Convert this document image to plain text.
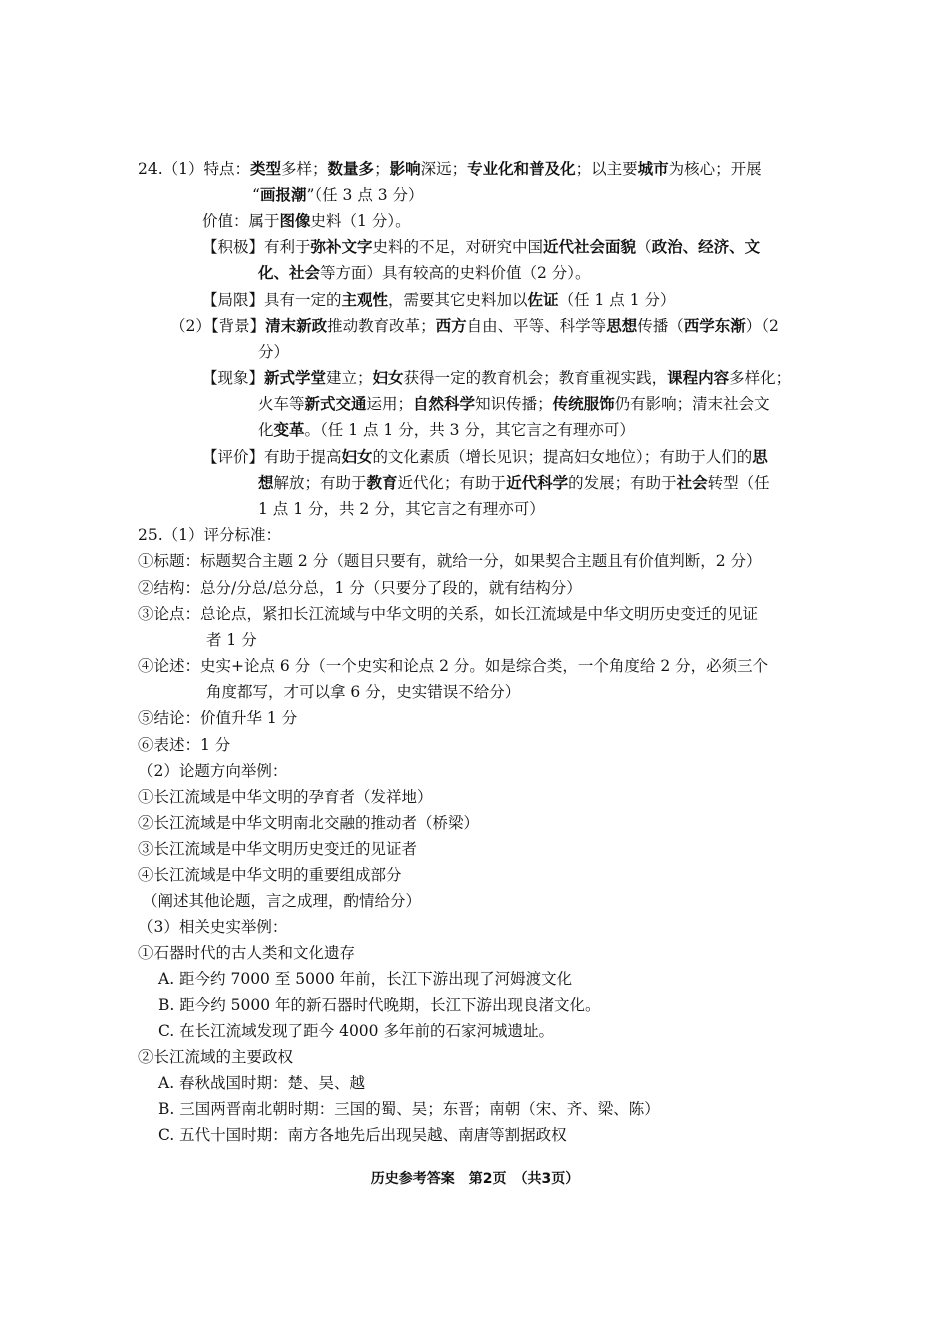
24.（1）特点：类型多样；数量多；影响深远；专业化和普及化；以主要城市为核心；开展
“画报潮”（任 3 点 3 分）
价值：属于图像史料（1 分）。
【积极】有利于弥补文字史料的不足，对研究中国近代社会面貌（政治、经济、文
化、社会等方面）具有较高的史料价值（2 分）。
【局限】具有一定的主观性，需要其它史料加以佐证（任 1 点 1 分）
（2）【背景】清末新政推动教育改革；西方自由、平等、科学等思想传播（西学东渐）（2
分）
【现象】新式学堂建立；妇女获得一定的教育机会；教育重视实践，课程内容多样化；
火车等新式交通运用；自然科学知识传播；传统服饰仍有影响；清末社会文
化变革。（任 1 点 1 分，共 3 分，其它言之有理亦可）
【评价】有助于提高妇女的文化素质（增长见识；提高妇女地位）；有助于人们的思
想解放；有助于教育近代化；有助于近代科学的发展；有助于社会转型（任
1 点 1 分，共 2 分，其它言之有理亦可）
25.（1）评分标准：
①标题：标题契合主题 2 分（题目只要有，就给一分，如果契合主题且有价值判断，2 分）
②结构：总分/分总/总分总，1 分（只要分了段的，就有结构分）
③论点：总论点，紧扣长江流域与中华文明的关系，如长江流域是中华文明历史变迁的见证
者 1 分
④论述：史实+论点 6 分（一个史实和论点 2 分。如是综合类，一个角度给 2 分，必须三个
角度都写，才可以拿 6 分，史实错误不给分）
⑤结论：价值升华 1 分
⑥表述：1 分
（2）论题方向举例：
①长江流域是中华文明的孕育者（发祥地）
②长江流域是中华文明南北交融的推动者（桥梁）
③长江流域是中华文明历史变迁的见证者
④长江流域是中华文明的重要组成部分
（阐述其他论题，言之成理，酌情给分）
（3）相关史实举例：
①石器时代的古人类和文化遗存
A. 距今约 7000 至 5000 年前，长江下游出现了河姆渡文化
B. 距今约 5000 年的新石器时代晚期，长江下游出现良渚文化。
C. 在长江流域发现了距今 4000 多年前的石家河城遗址。
②长江流域的主要政权
A. 春秋战国时期：楚、吴、越
B. 三国两晋南北朝时期：三国的蜀、吴；东晋；南朝（宋、齐、梁、陈）
C. 五代十国时期：南方各地先后出现吴越、南唐等割据政权
历史参考答案　第2页　（共3页）
